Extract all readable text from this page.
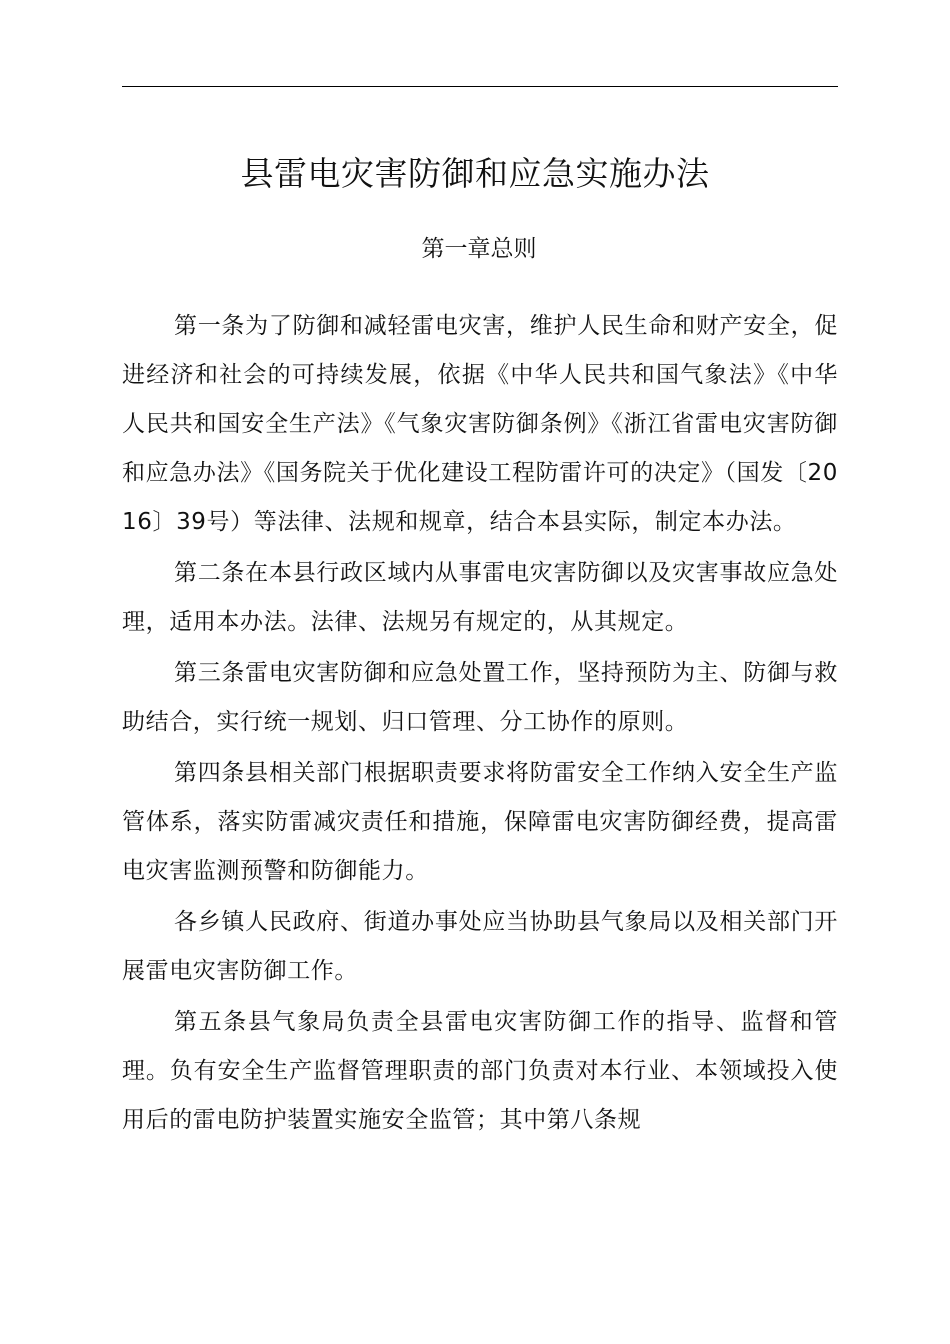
县雷电灾害防御和应急实施办法
第一章总则

第一条为了防御和减轻雷电灾害，维护人民生命和财产安全，促进经济和社会的可持续发展，依据《中华人民共和国气象法》《中华人民共和国安全生产法》《气象灾害防御条例》《浙江省雷电灾害防御和应急办法》《国务院关于优化建设工程防雷许可的决定》（国发〔2016〕39号）等法律、法规和规章，结合本县实际，制定本办法。

第二条在本县行政区域内从事雷电灾害防御以及灾害事故应急处理，适用本办法。法律、法规另有规定的，从其规定。

第三条雷电灾害防御和应急处置工作，坚持预防为主、防御与救助结合，实行统一规划、归口管理、分工协作的原则。

第四条县相关部门根据职责要求将防雷安全工作纳入安全生产监管体系，落实防雷减灾责任和措施，保障雷电灾害防御经费，提高雷电灾害监测预警和防御能力。

各乡镇人民政府、街道办事处应当协助县气象局以及相关部门开展雷电灾害防御工作。

第五条县气象局负责全县雷电灾害防御工作的指导、监督和管理。负有安全生产监督管理职责的部门负责对本行业、本领域投入使用后的雷电防护装置实施安全监管；其中第八条规
